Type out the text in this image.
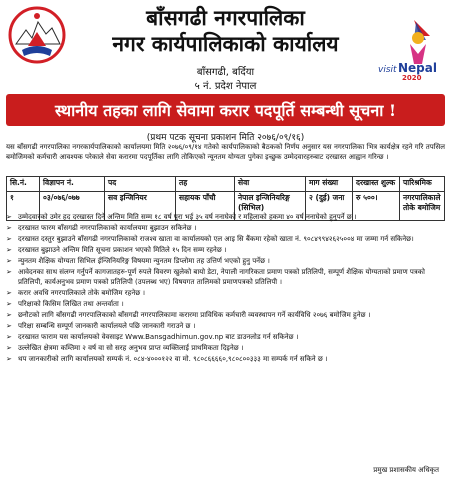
बाँसगढी नगरपालिका
नगर कार्यपालिकाको कार्यालय
बाँसगढी, बर्दिया
५ नं. प्रदेश नेपाल
visit Nepal
2020
स्थानीय तहका लागि सेवामा करार पदपूर्ति सम्बन्धी सूचना !
(प्रथम पटक सूचना प्रकाशन मिति २०७६/०९/१६)
यस बाँसगढी नगरपालिका नगरकार्यपालिकाको कार्यालयमा मिति २०७६/०९/१४ गतेको कार्यपालिकाको बैठकको निर्णय अनुसार यस नगरपालिका भित्र कार्यक्षेत्र रहने गरि तपसिल बमोजिमको कर्मचारी आवश्यक परेकाले सेवा करारमा पदपूर्तिका लागि तोकिएको न्यूनतम योग्यता पुगेका इच्छुक उम्मेदवारहरुबाट दरखास्त आह्वान गरिन्छ ।
सि.नं.	विज्ञापन नं.	पद	तह	सेवा	माग संख्या	दरखास्त शुल्क	पारिश्रमिक
१	०३/०७६/०७७	सव इन्जिनियर	सहायक पाँचौ	नेपाल इन्जिनियरिङ्ग (सिभिल)	२ (दुई) जना	रु ५००।	नगरपालिकाले तोके बमोजिम
➢ उम्मेदवारको उमेर हद दरखास्त दिने अन्तिम मिति सम्म १८ वर्ष पुरा भई ३५ वर्ष ननाघेको र महिलाको हकमा ४० वर्ष ननाघेको हुनुपर्ने छ ।
➢ दरखास्त फारम बाँसगढी नगरपालिकाको कार्यालयमा बुझाउन सकिनेछ ।
➢ दरखास्त दस्तुर बुझाउने बाँसगढी नगरपालिकाको राजश्व खाता वा कार्यालयको एल आइ सि बैंकमा रहेको खाता नं. ९०८४९९४२६२५००४ मा जम्मा गर्न सकिनेछ।
➢ दरखास्त बुझाउने अन्तिम मिति सूचना प्रकाशन भएको मितिले १५ दिन सम्म रहनेछ ।
➢ न्युनतम शैक्षिक योग्यता सिभिल ईन्जिनियरिङ्ग विषयमा न्युनतम डिप्लोमा तह उत्तिर्ण भएको हुनु पर्नेछ ।
➢ आवेदनका साथ संलग्न गर्नुपर्ने कागजातहरु-पूर्ण रुपले विवरण खुलेको बायो डेटा, नेपाली नागरिकता प्रमाण पत्रको प्रतिलिपी, सम्पूर्ण शैक्षिक योग्यताको प्रमाण पत्रको प्रतिलिपी, कार्यअनुभव प्रमाण पत्रको प्रतिलिपी (उपलब्ध भए) विषयगत तालिमको प्रमाणपत्रको प्रतिलिपी ।
➢ करार अवधि नगरपालिकाले तोके बमोजिम रहनेछ ।
➢ परिक्षाको किसिम लिखित तथा अन्तर्वाता ।
➢ छनौटको लागि बाँसगढी नगरपालिकाको बाँसगढी नगरपालिकामा करारमा प्राविधिक कर्मचारी व्यवस्थापन गर्ने कार्यविधि २०७६ बमोजिम हुनेछ ।
➢ परिक्षा सम्बन्धि सम्पूर्ण जानकारी कार्यालयले पछि जानकारी गराउने छ ।
➢ दरखास्त फाराम यस कार्यालयको वेवसाइट Www.Bansgadhimun.gov.np बाट डाउनलोड गर्न सकिनेछ ।
➢ उल्लेखित क्षेत्रमा कम्तिमा २ वर्ष वा सो सरह अनुभव प्राप्त व्यक्तिलाई प्राथमिकता दिइनेछ ।
➢ थप जानकारीको लागि कार्यालयको सम्पर्क नं. ०८४-४०००१२२ वा मो. ९८०८६६६६०,९८०८००३३३ मा सम्पर्क गर्न सकिने छ ।
प्रमुख प्रशासकीय अधिकृत
